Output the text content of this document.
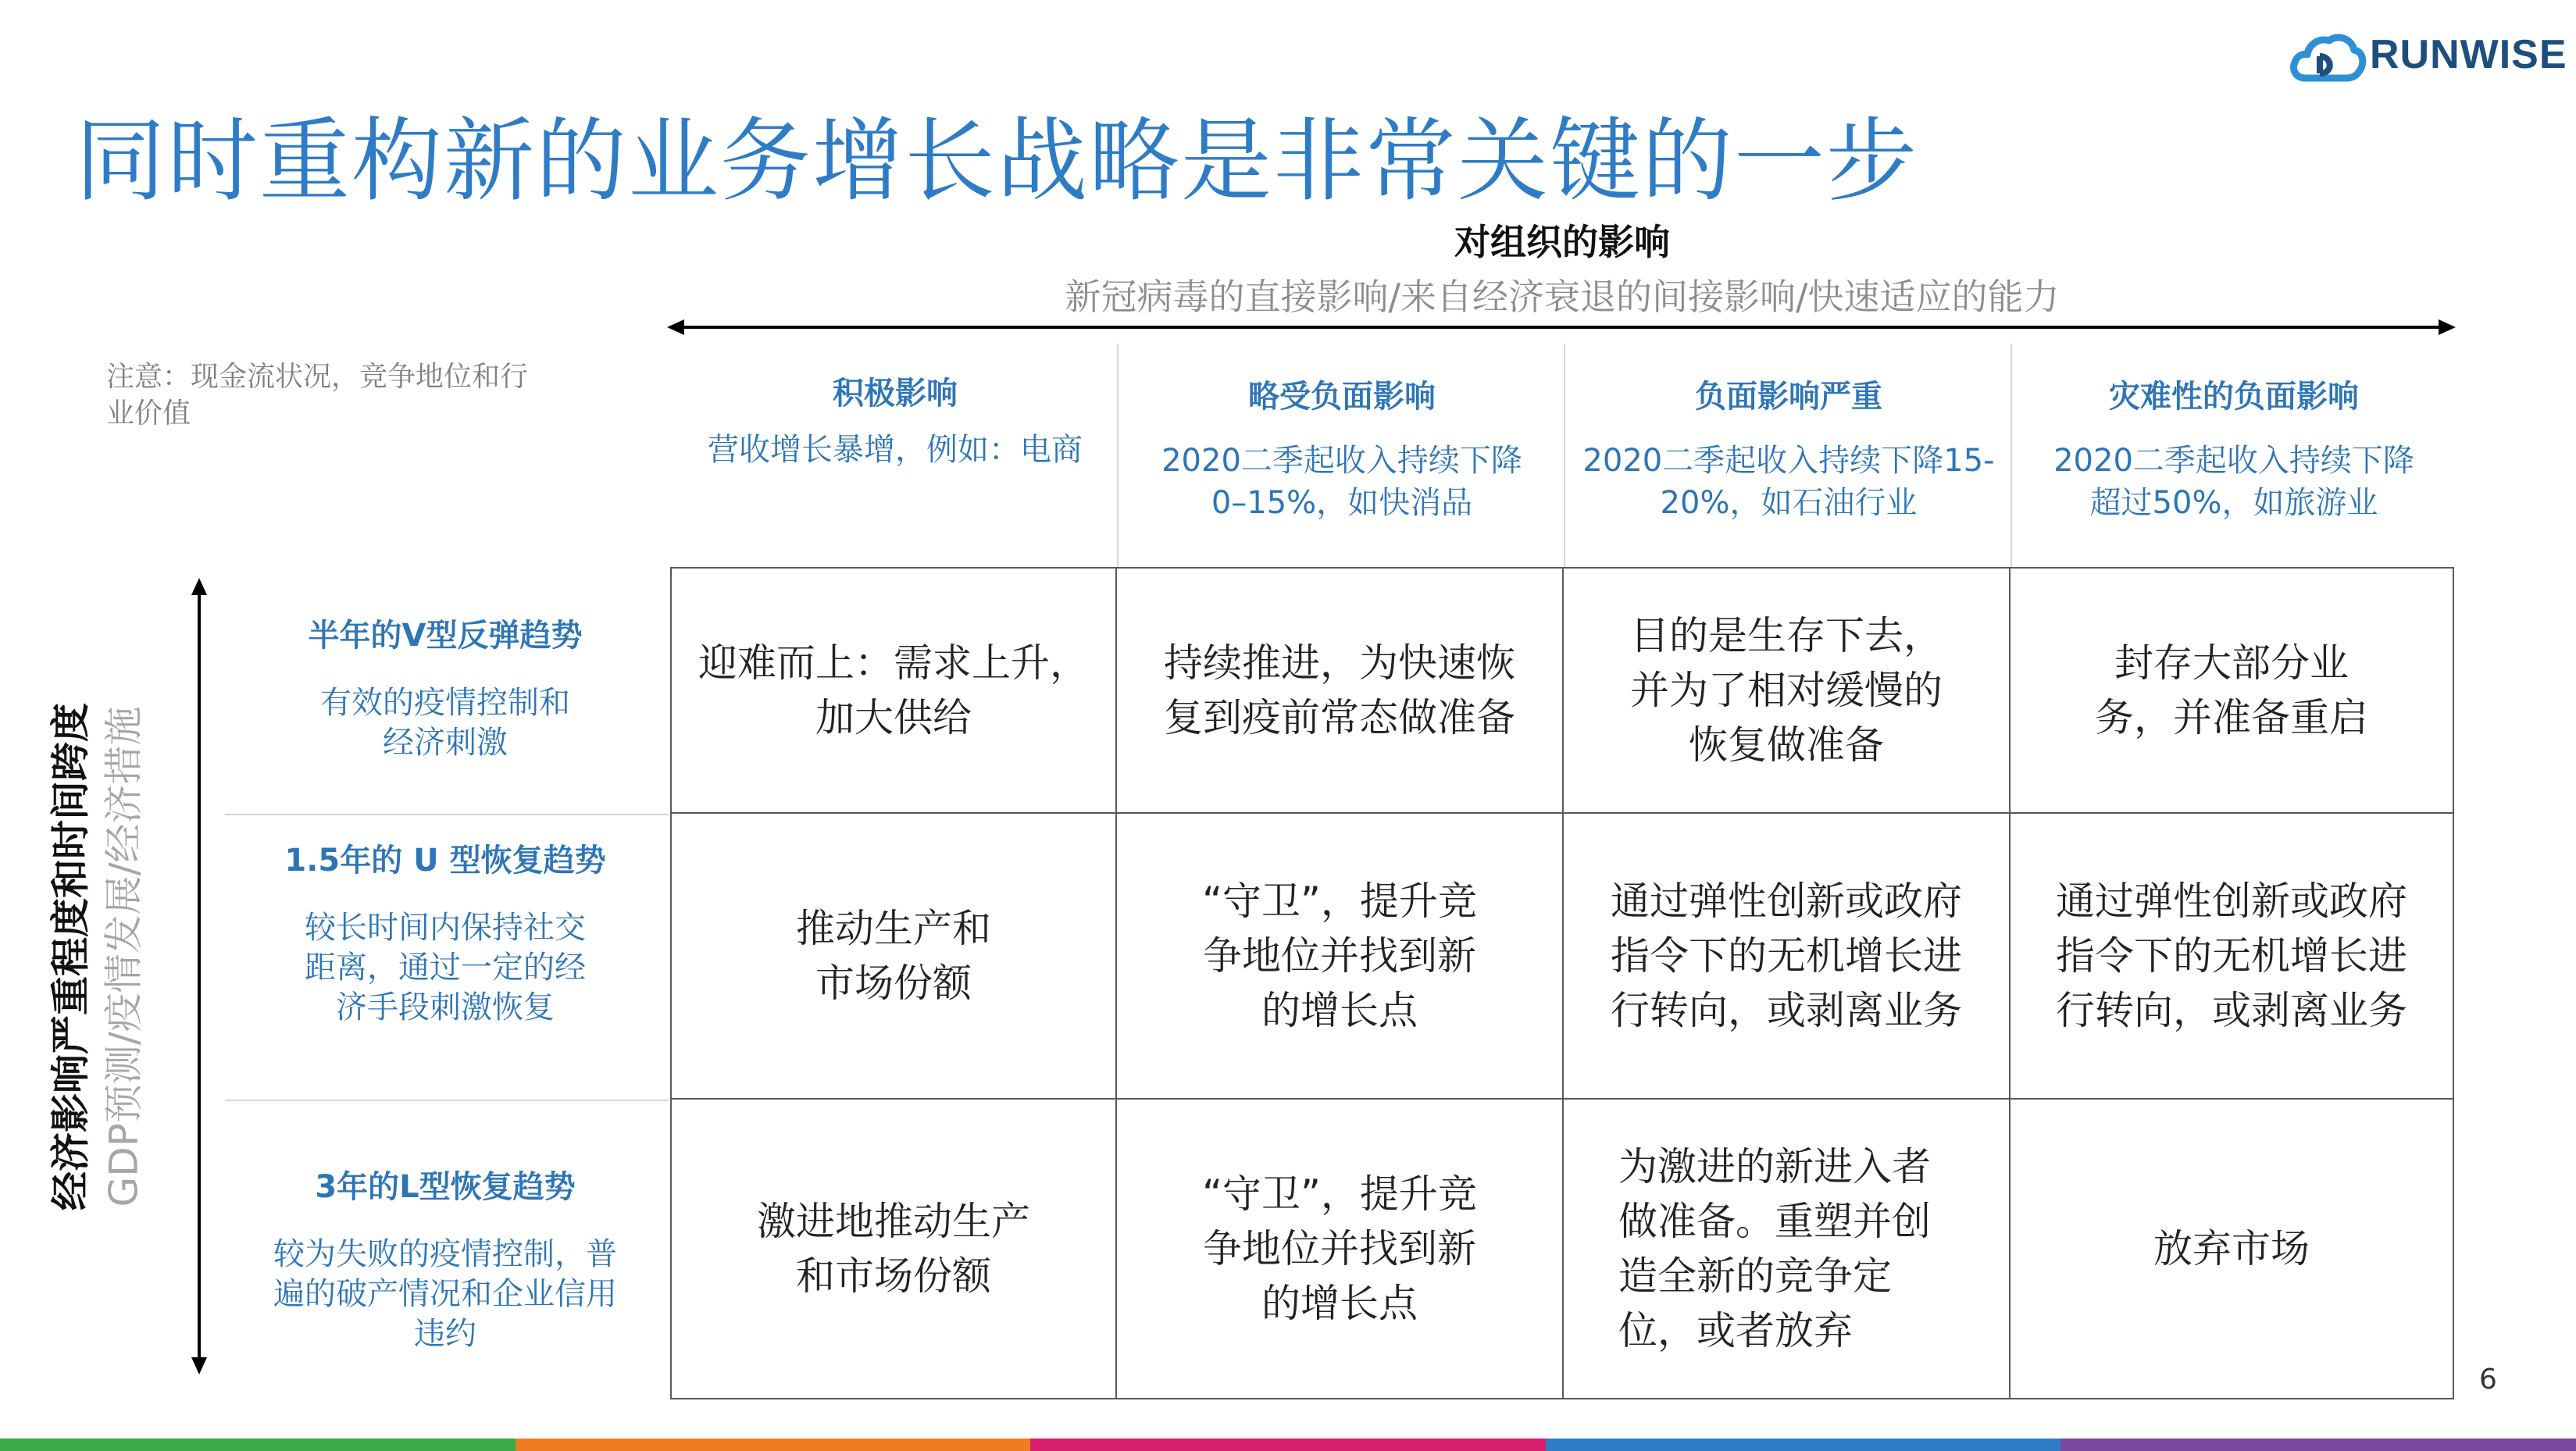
RUNWISE
同时重构新的业务增长战略是非常关键的一步
对组织的影响
新冠病毒的直接影响/来自经济衰退的间接影响/快速适应的能力
注意：现金流状况，竞争地位和行业价值
积极影响
营收增长暴增，例如：电商
略受负面影响
2020二季起收入持续下降0–15%，如快消品
负面影响严重
2020二季起收入持续下降15-20%，如石油行业
灾难性的负面影响
2020二季起收入持续下降超过50%，如旅游业
经济影响严重程度和时间跨度 GDP预测/疫情发展/经济措施
半年的V型反弹趋势
有效的疫情控制和经济刺激
1.5年的 U 型恢复趋势
较长时间内保持社交距离，通过一定的经济手段刺激恢复
3年的L型恢复趋势
较为失败的疫情控制，普遍的破产情况和企业信用违约
迎难而上：需求上升，加大供给
持续推进，为快速恢复到疫前常态做准备
目的是生存下去，并为了相对缓慢的恢复做准备
封存大部分业务，并准备重启
推动生产和市场份额
“守卫”，提升竞争地位并找到新的增长点
通过弹性创新或政府指令下的无机增长进行转向，或剥离业务
通过弹性创新或政府指令下的无机增长进行转向，或剥离业务
激进地推动生产和市场份额
“守卫”，提升竞争地位并找到新的增长点
为激进的新进入者做准备。重塑并创造全新的竞争定位，或者放弃
放弃市场
6
